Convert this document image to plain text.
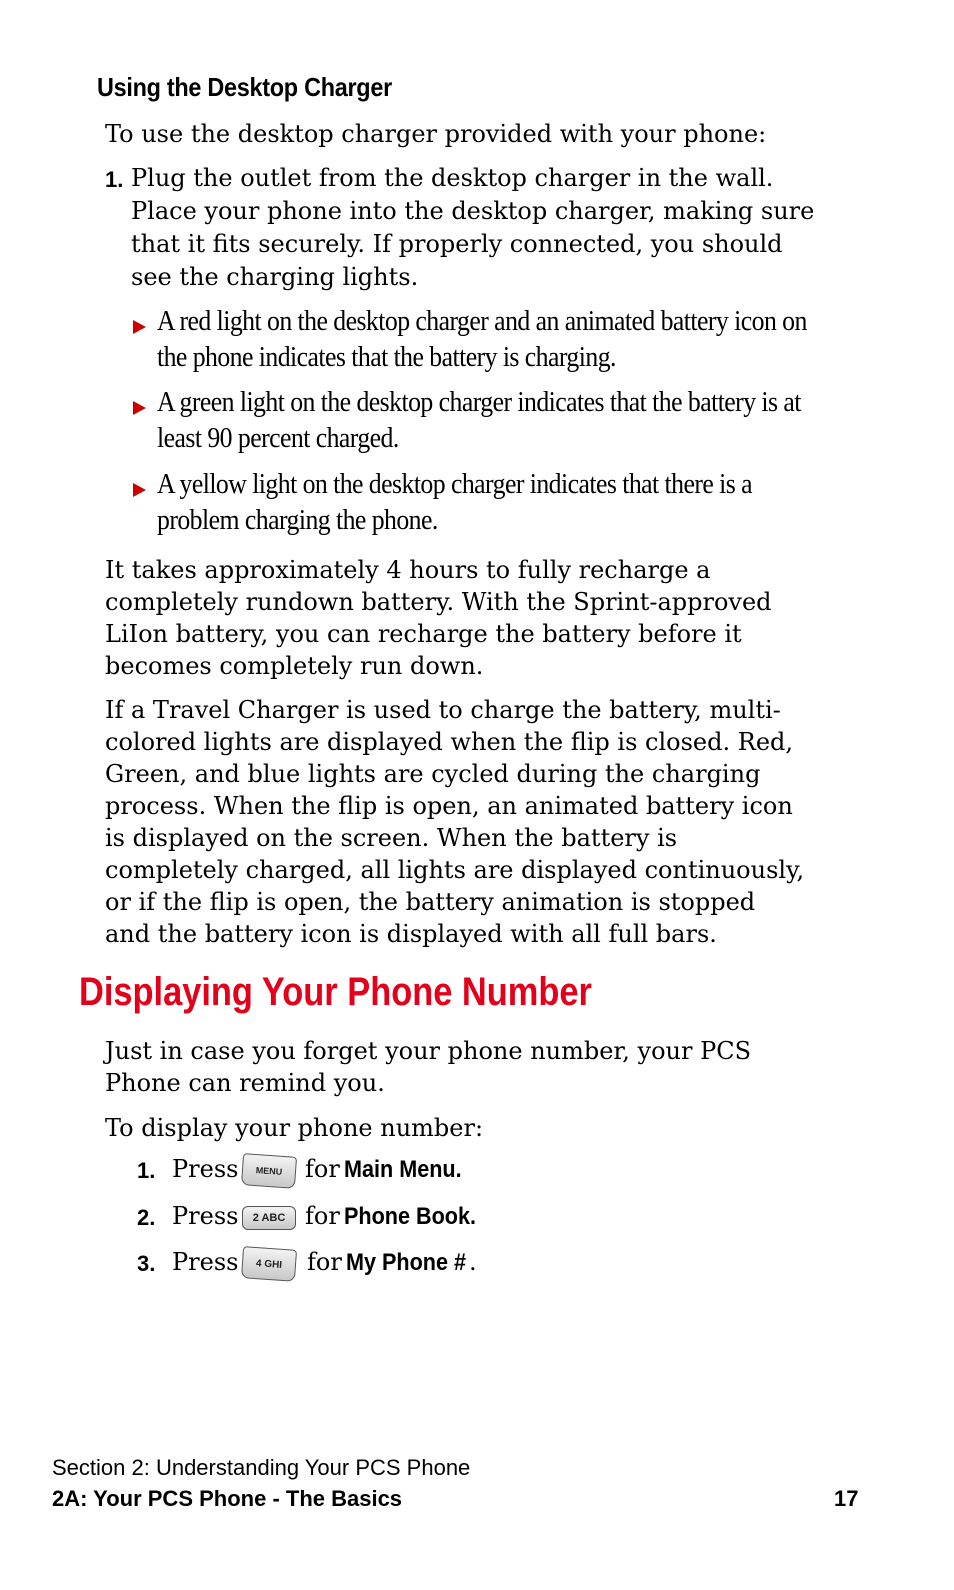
Using the Desktop Charger
To use the desktop charger provided with your phone:
1. Plug the outlet from the desktop charger in the wall. Place your phone into the desktop charger, making sure that it fits securely. If properly connected, you should see the charging lights.
A red light on the desktop charger and an animated battery icon on the phone indicates that the battery is charging.
A green light on the desktop charger indicates that the battery is at least 90 percent charged.
A yellow light on the desktop charger indicates that there is a problem charging the phone.
It takes approximately 4 hours to fully recharge a completely rundown battery. With the Sprint-approved LiIon battery, you can recharge the battery before it becomes completely run down.
If a Travel Charger is used to charge the battery, multi-colored lights are displayed when the flip is closed. Red, Green, and blue lights are cycled during the charging process. When the flip is open, an animated battery icon is displayed on the screen. When the battery is completely charged, all lights are displayed continuously, or if the flip is open, the battery animation is stopped and the battery icon is displayed with all full bars.
Displaying Your Phone Number
Just in case you forget your phone number, your PCS Phone can remind you.
To display your phone number:
1. Press	MENU for Main Menu.
2. Press	2 ABC for Phone Book.
3. Press	4 GHI	for My Phone # .
Section 2: Understanding Your PCS Phone
2A: Your PCS Phone - The Basics	17
